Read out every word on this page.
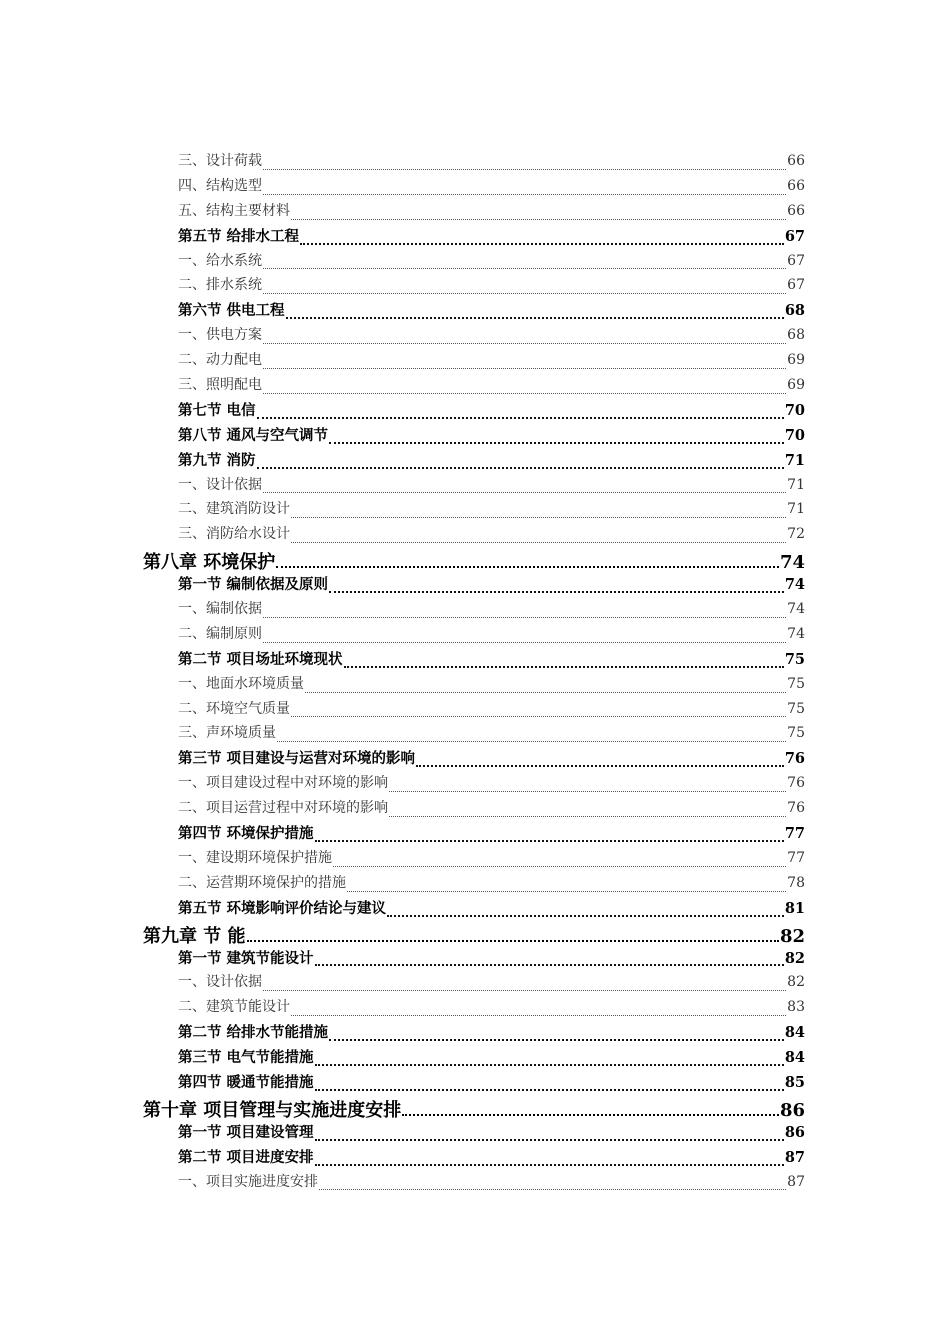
三、设计荷载	66
四、结构选型	66
五、结构主要材料	66
第五节 给排水工程	67
一、给水系统	67
二、排水系统	67
第六节 供电工程	68
一、供电方案	68
二、动力配电	69
三、照明配电	69
第七节 电信	70
第八节 通风与空气调节	70
第九节 消防	71
一、设计依据	71
二、建筑消防设计	71
三、消防给水设计	72
第八章 环境保护	74
第一节 编制依据及原则	74
一、编制依据	74
二、编制原则	74
第二节 项目场址环境现状	75
一、地面水环境质量	75
二、环境空气质量	75
三、声环境质量	75
第三节 项目建设与运营对环境的影响	76
一、项目建设过程中对环境的影响	76
二、项目运营过程中对环境的影响	76
第四节 环境保护措施	77
一、建设期环境保护措施	77
二、运营期环境保护的措施	78
第五节 环境影响评价结论与建议	81
第九章 节 能	82
第一节 建筑节能设计	82
一、设计依据	82
二、建筑节能设计	83
第二节 给排水节能措施	84
第三节 电气节能措施	84
第四节 暖通节能措施	85
第十章 项目管理与实施进度安排	86
第一节 项目建设管理	86
第二节 项目进度安排	87
一、项目实施进度安排	87
